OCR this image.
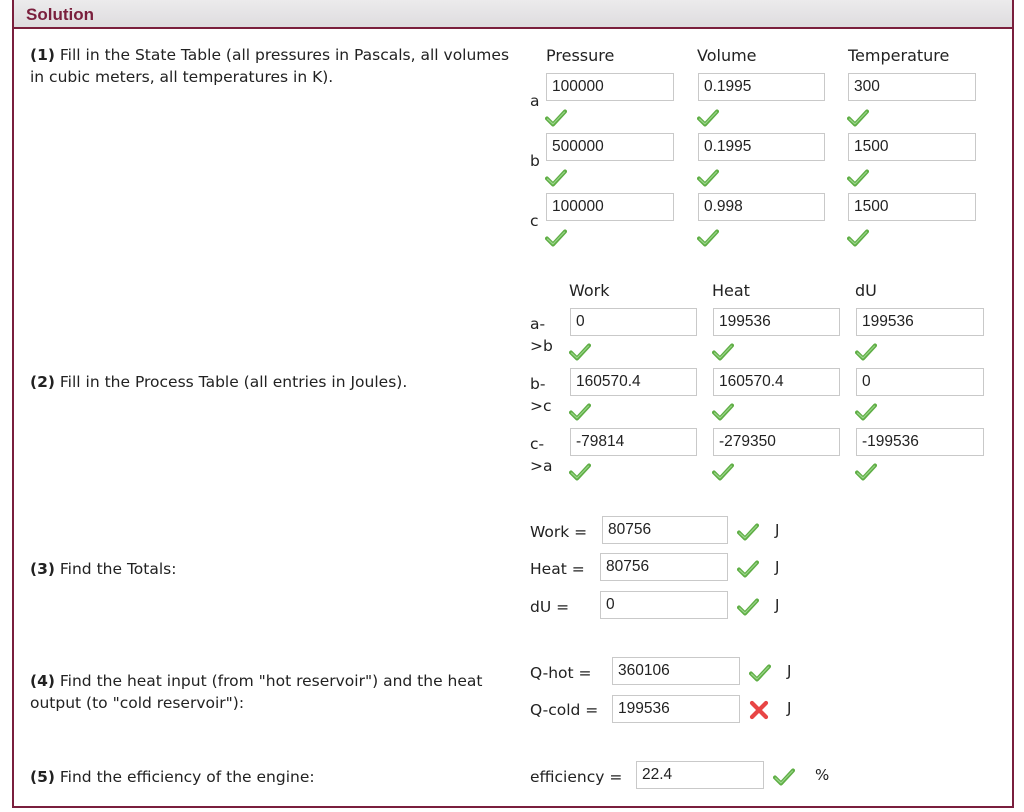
Solution
(1) Fill in the State Table (all pressures in Pascals, all volumes in cubic meters, all temperatures in K).
(2) Fill in the Process Table (all entries in Joules).
(3) Find the Totals:
(4) Find the heat input (from "hot reservoir") and the heat output (to "cold reservoir"):
(5) Find the efficiency of the engine:
Pressure	Volume	Temperature
a
100000	0.1995	300
b
500000	0.1995	1500
c
100000	0.998	1500
Work	Heat	dU
a-
>b
0	199536	199536
b-
>c
160570.4	160570.4	0
c-
>a
-79814	-279350	-199536
Work =	80756	J
Heat =	80756	J
dU =	0	J
Q-hot =	360106	J
Q-cold =	199536	J
efficiency =	22.4	%
